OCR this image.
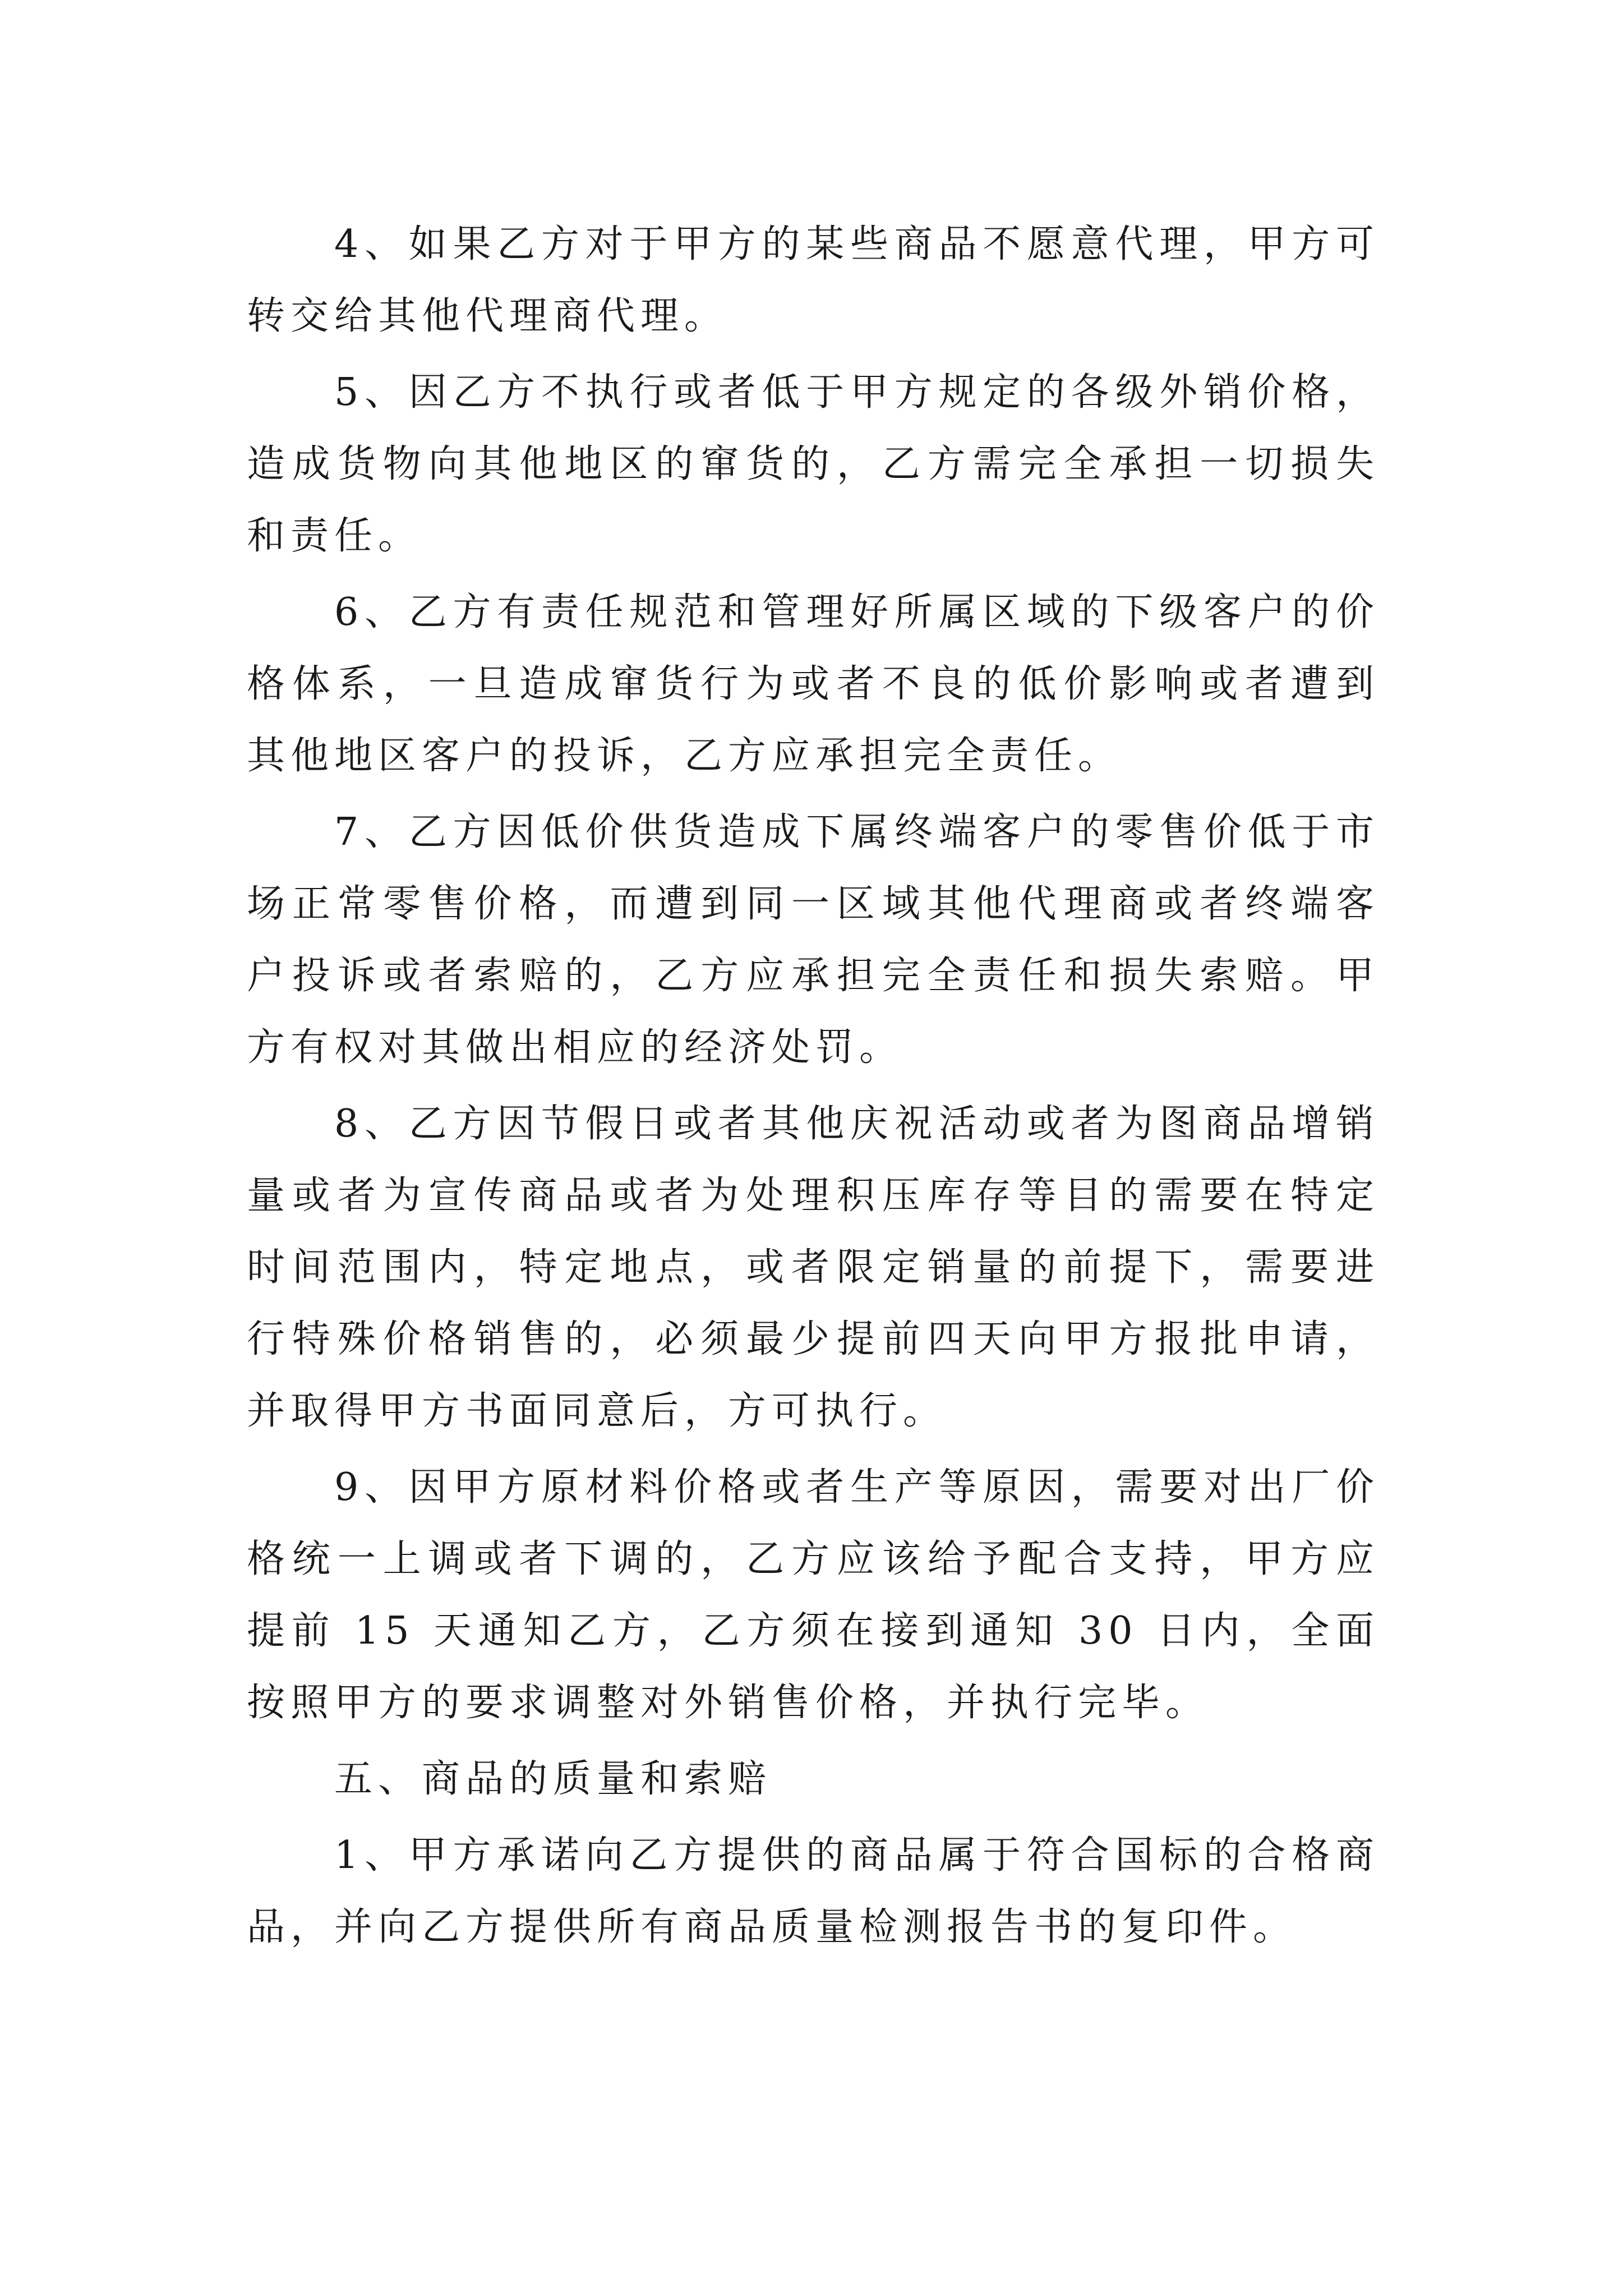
4、如果乙方对于甲方的某些商品不愿意代理，甲方可转交给其他代理商代理。

5、因乙方不执行或者低于甲方规定的各级外销价格，造成货物向其他地区的窜货的，乙方需完全承担一切损失和责任。

6、乙方有责任规范和管理好所属区域的下级客户的价格体系，一旦造成窜货行为或者不良的低价影响或者遭到其他地区客户的投诉，乙方应承担完全责任。

7、乙方因低价供货造成下属终端客户的零售价低于市场正常零售价格，而遭到同一区域其他代理商或者终端客户投诉或者索赔的，乙方应承担完全责任和损失索赔。甲方有权对其做出相应的经济处罚。

8、乙方因节假日或者其他庆祝活动或者为图商品增销量或者为宣传商品或者为处理积压库存等目的需要在特定时间范围内，特定地点，或者限定销量的前提下，需要进行特殊价格销售的，必须最少提前四天向甲方报批申请，并取得甲方书面同意后，方可执行。

9、因甲方原材料价格或者生产等原因，需要对出厂价格统一上调或者下调的，乙方应该给予配合支持，甲方应提前 15 天通知乙方，乙方须在接到通知 30 日内，全面按照甲方的要求调整对外销售价格，并执行完毕。

五、商品的质量和索赔

1、甲方承诺向乙方提供的商品属于符合国标的合格商品，并向乙方提供所有商品质量检测报告书的复印件。
